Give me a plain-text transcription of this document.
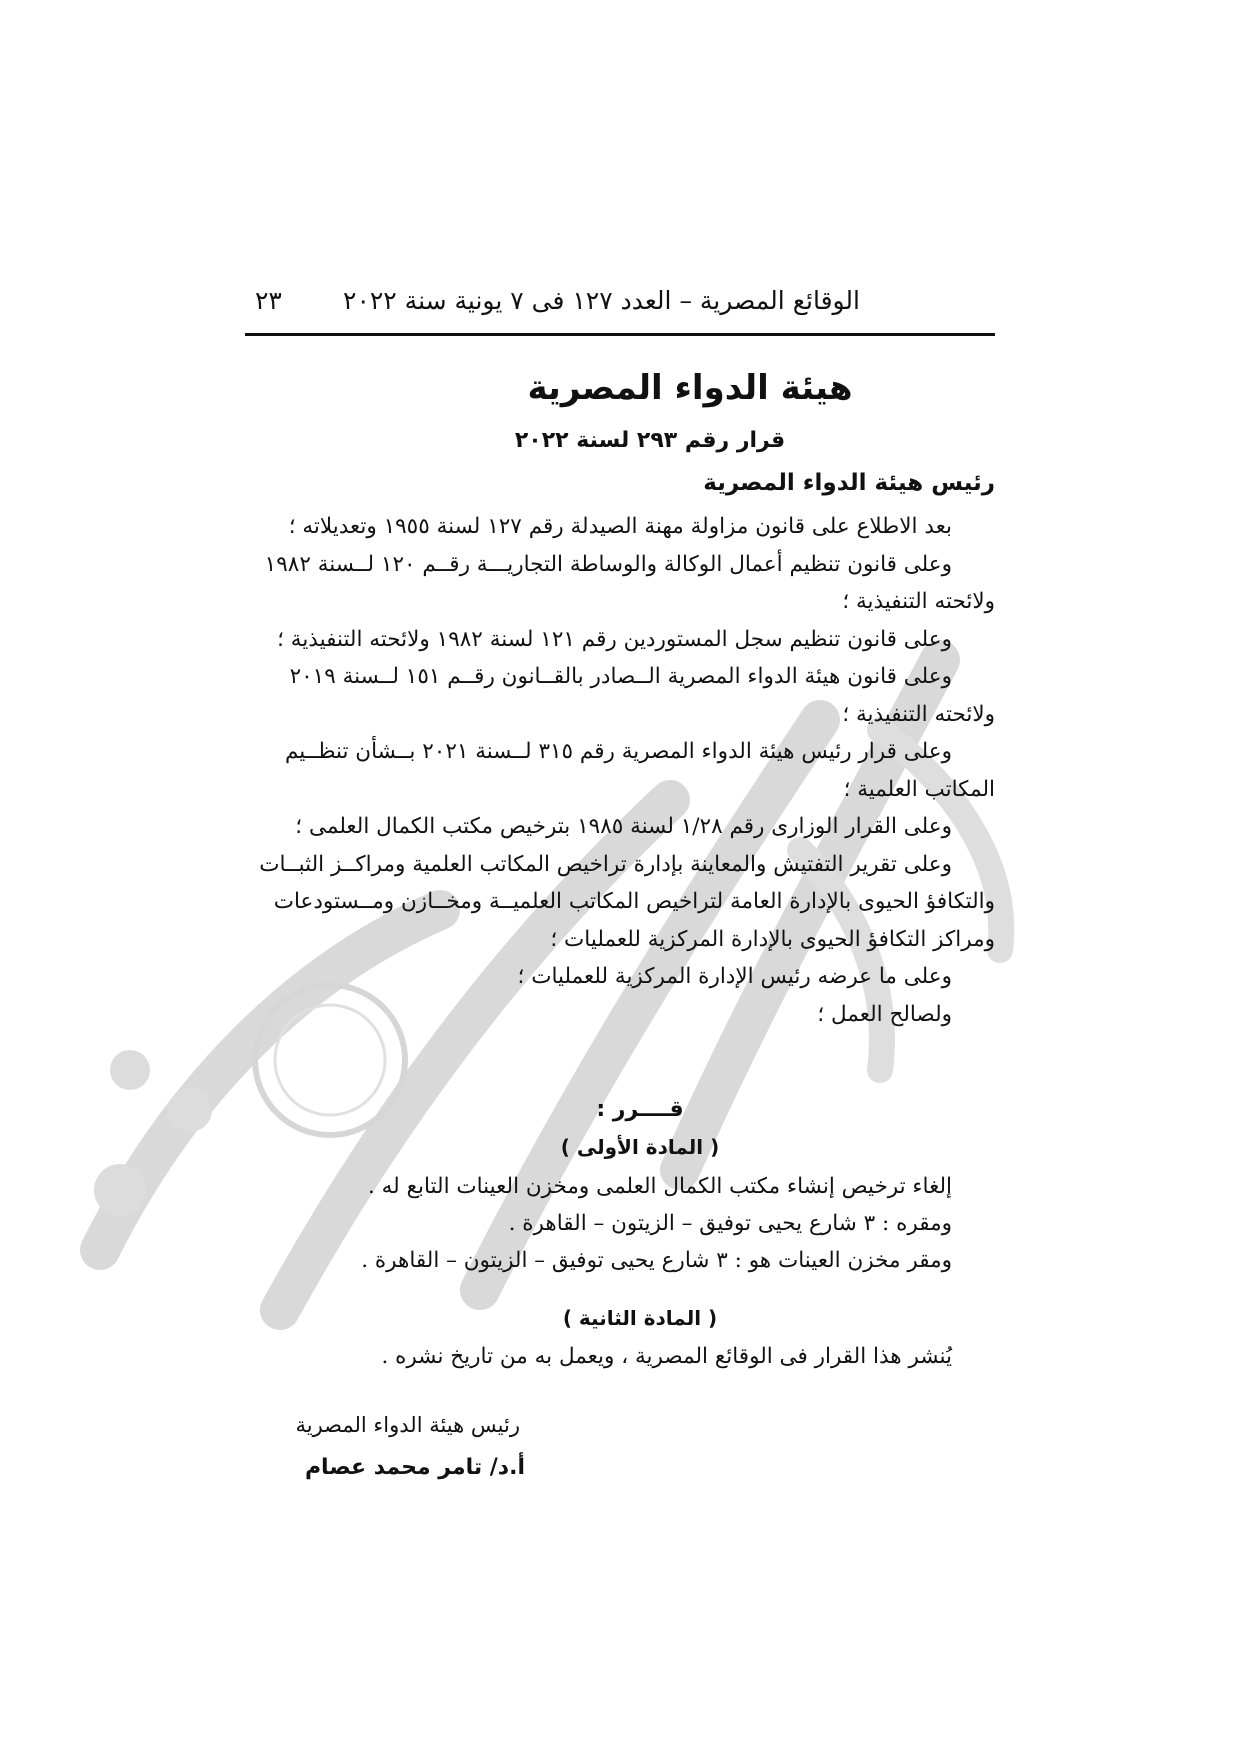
الوقائع المصرية – العدد ١٢٧ فى ٧ يونية سنة ٢٠٢٢
٢٣
هيئة الدواء المصرية
قرار رقم ٢٩٣ لسنة ٢٠٢٢
رئيس هيئة الدواء المصرية
بعد الاطلاع على قانون مزاولة مهنة الصيدلة رقم ١٢٧ لسنة ١٩٥٥ وتعديلاته ؛
وعلى قانون تنظيم أعمال الوكالة والوساطة التجاريـــة رقــم ١٢٠ لــسنة ١٩٨٢
ولائحته التنفيذية ؛
وعلى قانون تنظيم سجل المستوردين رقم ١٢١ لسنة ١٩٨٢ ولائحته التنفيذية ؛
وعلى قانون هيئة الدواء المصرية الــصادر بالقــانون رقــم ١٥١ لــسنة ٢٠١٩
ولائحته التنفيذية ؛
وعلى قرار رئيس هيئة الدواء المصرية رقم ٣١٥ لــسنة ٢٠٢١ بــشأن تنظــيم
المكاتب العلمية ؛
وعلى القرار الوزارى رقم ١/٢٨ لسنة ١٩٨٥ بترخيص مكتب الكمال العلمى ؛
وعلى تقرير التفتيش والمعاينة بإدارة تراخيص المكاتب العلمية ومراكــز الثبــات
والتكافؤ الحيوى بالإدارة العامة لتراخيص المكاتب العلميــة ومخــازن ومــستودعات
ومراكز التكافؤ الحيوى بالإدارة المركزية للعمليات ؛
وعلى ما عرضه رئيس الإدارة المركزية للعمليات ؛
ولصالح العمل ؛
قــــرر :
( المادة الأولى )
إلغاء ترخيص إنشاء مكتب الكمال العلمى ومخزن العينات التابع له .
ومقره : ٣ شارع يحيى توفيق – الزيتون – القاهرة .
ومقر مخزن العينات هو : ٣ شارع يحيى توفيق – الزيتون – القاهرة .
( المادة الثانية )
يُنشر هذا القرار فى الوقائع المصرية ، ويعمل به من تاريخ نشره .
رئيس هيئة الدواء المصرية
أ.د/ تامر محمد عصام
